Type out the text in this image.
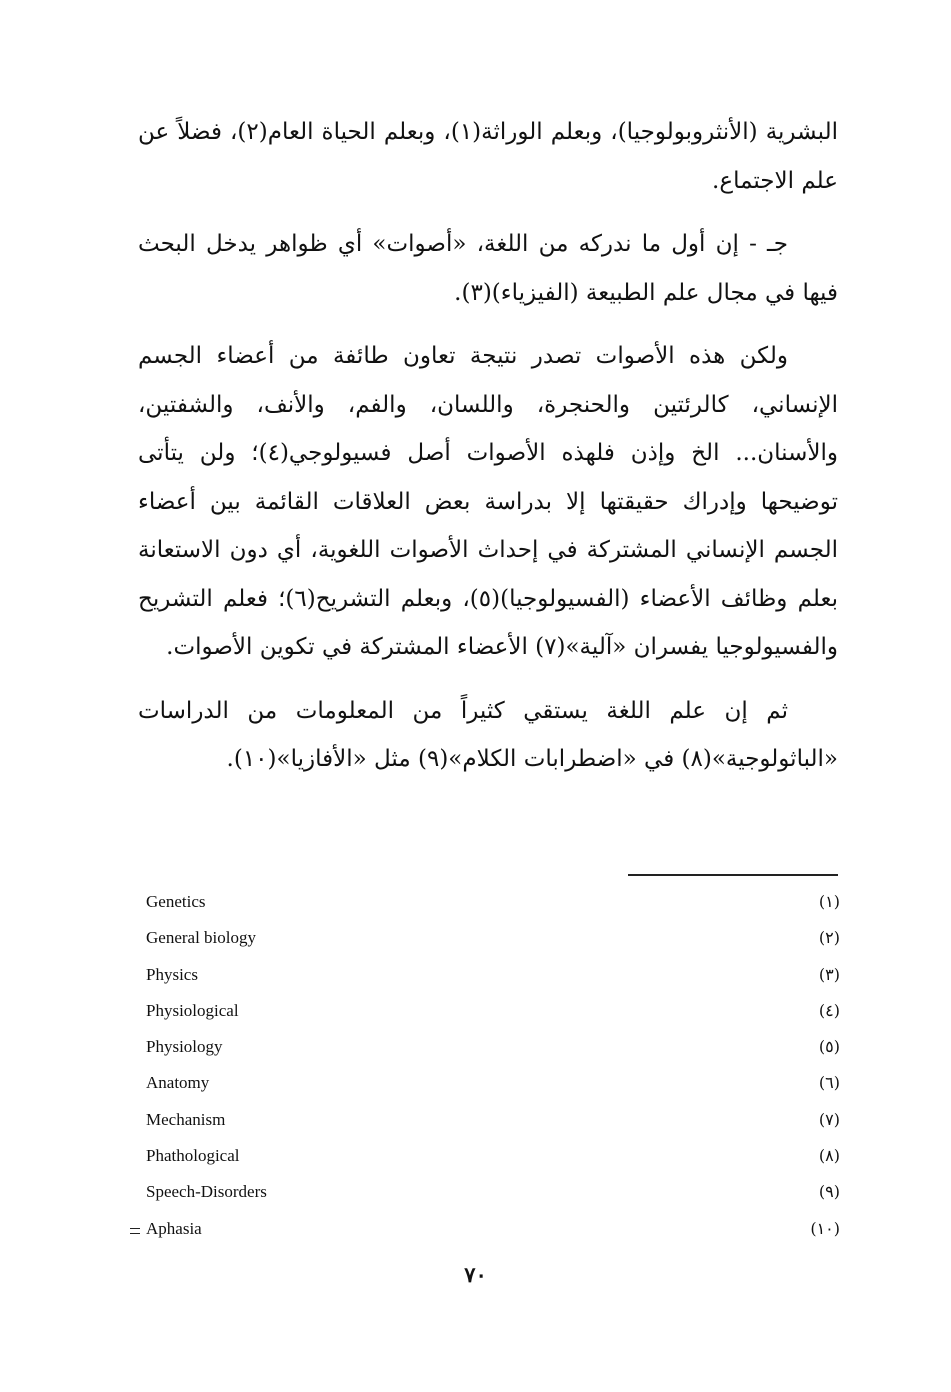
البشرية (الأنثروبولوجيا)، وبعلم الوراثة(١)، وبعلم الحياة العام(٢)، فضلاً عن علم الاجتماع.

جـ - إن أول ما ندركه من اللغة، «أصوات» أي ظواهر يدخل البحث فيها في مجال علم الطبيعة (الفيزياء)(٣).

ولكن هذه الأصوات تصدر نتيجة تعاون طائفة من أعضاء الجسم الإنساني، كالرئتين والحنجرة، واللسان، والفم، والأنف، والشفتين، والأسنان... الخ وإذن فلهذه الأصوات أصل فسيولوجي(٤)؛ ولن يتأتى توضيحها وإدراك حقيقتها إلا بدراسة بعض العلاقات القائمة بين أعضاء الجسم الإنساني المشتركة في إحداث الأصوات اللغوية، أي دون الاستعانة بعلم وظائف الأعضاء (الفسيولوجيا)(٥)، وبعلم التشريح(٦)؛ فعلم التشريح والفسيولوجيا يفسران «آلية»(٧) الأعضاء المشتركة في تكوين الأصوات.

ثم إن علم اللغة يستقي كثيراً من المعلومات من الدراسات «الباثولوجية»(٨) في «اضطرابات الكلام»(٩) مثل «الأفازيا»(١٠).

Genetics	(١)
General biology	(٢)
Physics	(٣)
Physiological	(٤)
Physiology	(٥)
Anatomy	(٦)
Mechanism	(٧)
Phathological	(٨)
Speech-Disorders	(٩)
Aphasia	(١٠)
٧٠
